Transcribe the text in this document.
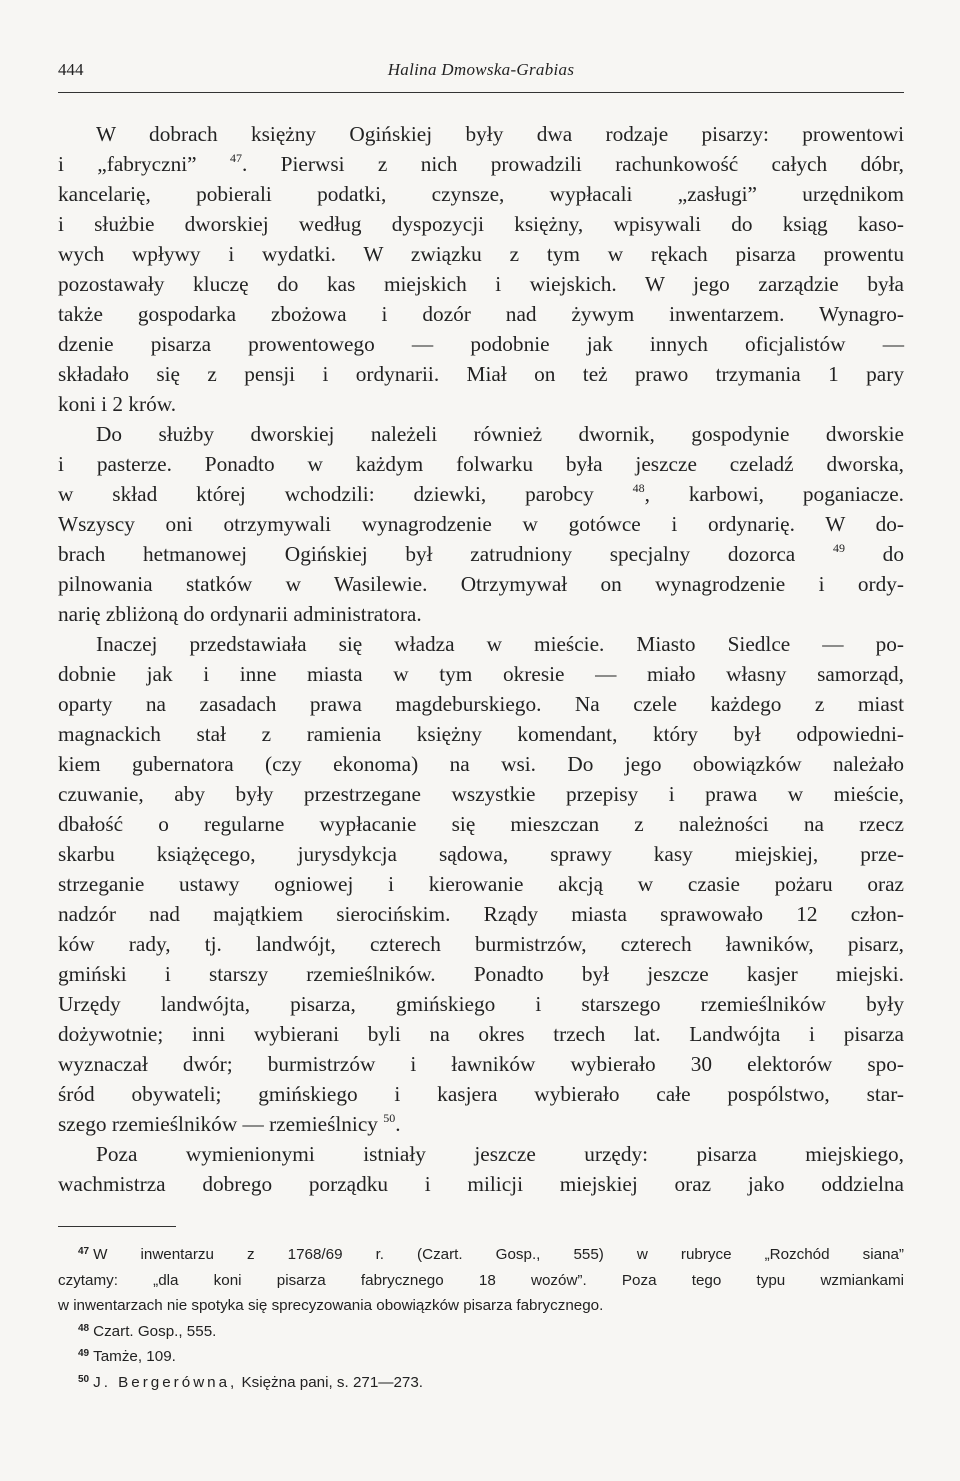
444	Halina Dmowska-Grabias
W dobrach księżny Ogińskiej były dwa rodzaje pisarzy: prowentowi
i „fabryczni”	$^{47}$. Pierwsi z nich prowadzili rachunkowość całych dóbr,
kancelarię, pobierali podatki, czynsze, wypłacali „zasługi” urzędnikom
i służbie dworskiej według dyspozycji księżny, wpisywali do ksiąg kaso-
wych wpływy i wydatki. W związku z tym w rękach pisarza prowentu
pozostawały kluczę do kas miejskich i wiejskich. W jego zarządzie była
także gospodarka zbożowa i dozór nad żywym inwentarzem. Wynagro-
dzenie pisarza prowentowego — podobnie jak innych oficjalistów —
składało się z pensji i ordynarii. Miał on też prawo trzymania 1 pary
koni i 2 krów.
Do służby dworskiej należeli również dwornik, gospodynie dworskie
i pasterze. Ponadto w każdym folwarku była jeszcze czeladź dworska,
w skład której wchodzili: dziewki, parobcy	$^{48}$, karbowi, poganiacze.
Wszyscy oni otrzymywali wynagrodzenie w gotówce i ordynarię. W do-
brach hetmanowej Ogińskiej był zatrudniony specjalny dozorca	$^{49}$ do
pilnowania statków w Wasilewie. Otrzymywał on wynagrodzenie i ordy-
narię zbliżoną do ordynarii administratora.
Inaczej przedstawiała się władza w mieście. Miasto Siedlce — po-
dobnie jak i inne miasta w tym okresie — miało własny samorząd,
oparty na zasadach prawa magdeburskiego. Na czele każdego z miast
magnackich stał z ramienia księżny komendant, który był odpowiedni-
kiem gubernatora (czy ekonoma) na wsi. Do jego obowiązków należało
czuwanie, aby były przestrzegane wszystkie przepisy i prawa w mieście,
dbałość o regularne wypłacanie się mieszczan z należności na rzecz
skarbu książęcego, jurysdykcja sądowa, sprawy kasy miejskiej, prze-
strzeganie ustawy ogniowej i kierowanie akcją w czasie pożaru oraz
nadzór nad majątkiem sierocińskim. Rządy miasta sprawowało 12 człon-
ków rady, tj. landwójt, czterech burmistrzów, czterech ławników, pisarz,
gmiński i starszy rzemieślników. Ponadto był jeszcze kasjer miejski.
Urzędy landwójta, pisarza, gmińskiego i starszego rzemieślników były
dożywotnie; inni wybierani byli na okres trzech lat. Landwójta i pisarza
wyznaczał dwór; burmistrzów i ławników wybierało 30 elektorów spo-
śród obywateli; gmińskiego i kasjera wybierało całe pospólstwo, star-
szego rzemieślników — rzemieślnicy $^{50}$.
Poza wymienionymi istniały jeszcze urzędy: pisarza miejskiego,
wachmistrza dobrego porządku i milicji miejskiej oraz jako oddzielna
$^{47}$ W inwentarzu z 1768/69 r. (Czart. Gosp., 555) w rubryce „Rozchód siana”
czytamy: „dla koni pisarza fabrycznego 18 wozów”. Poza tego typu wzmiankami
w inwentarzach nie spotyka się sprecyzowania obowiązków pisarza fabrycznego.
$^{48}$ Czart. Gosp., 555.
$^{49}$ Tamże, 109.
$^{50}$ J. Bergerówna, Księżna pani, s. 271—273.
